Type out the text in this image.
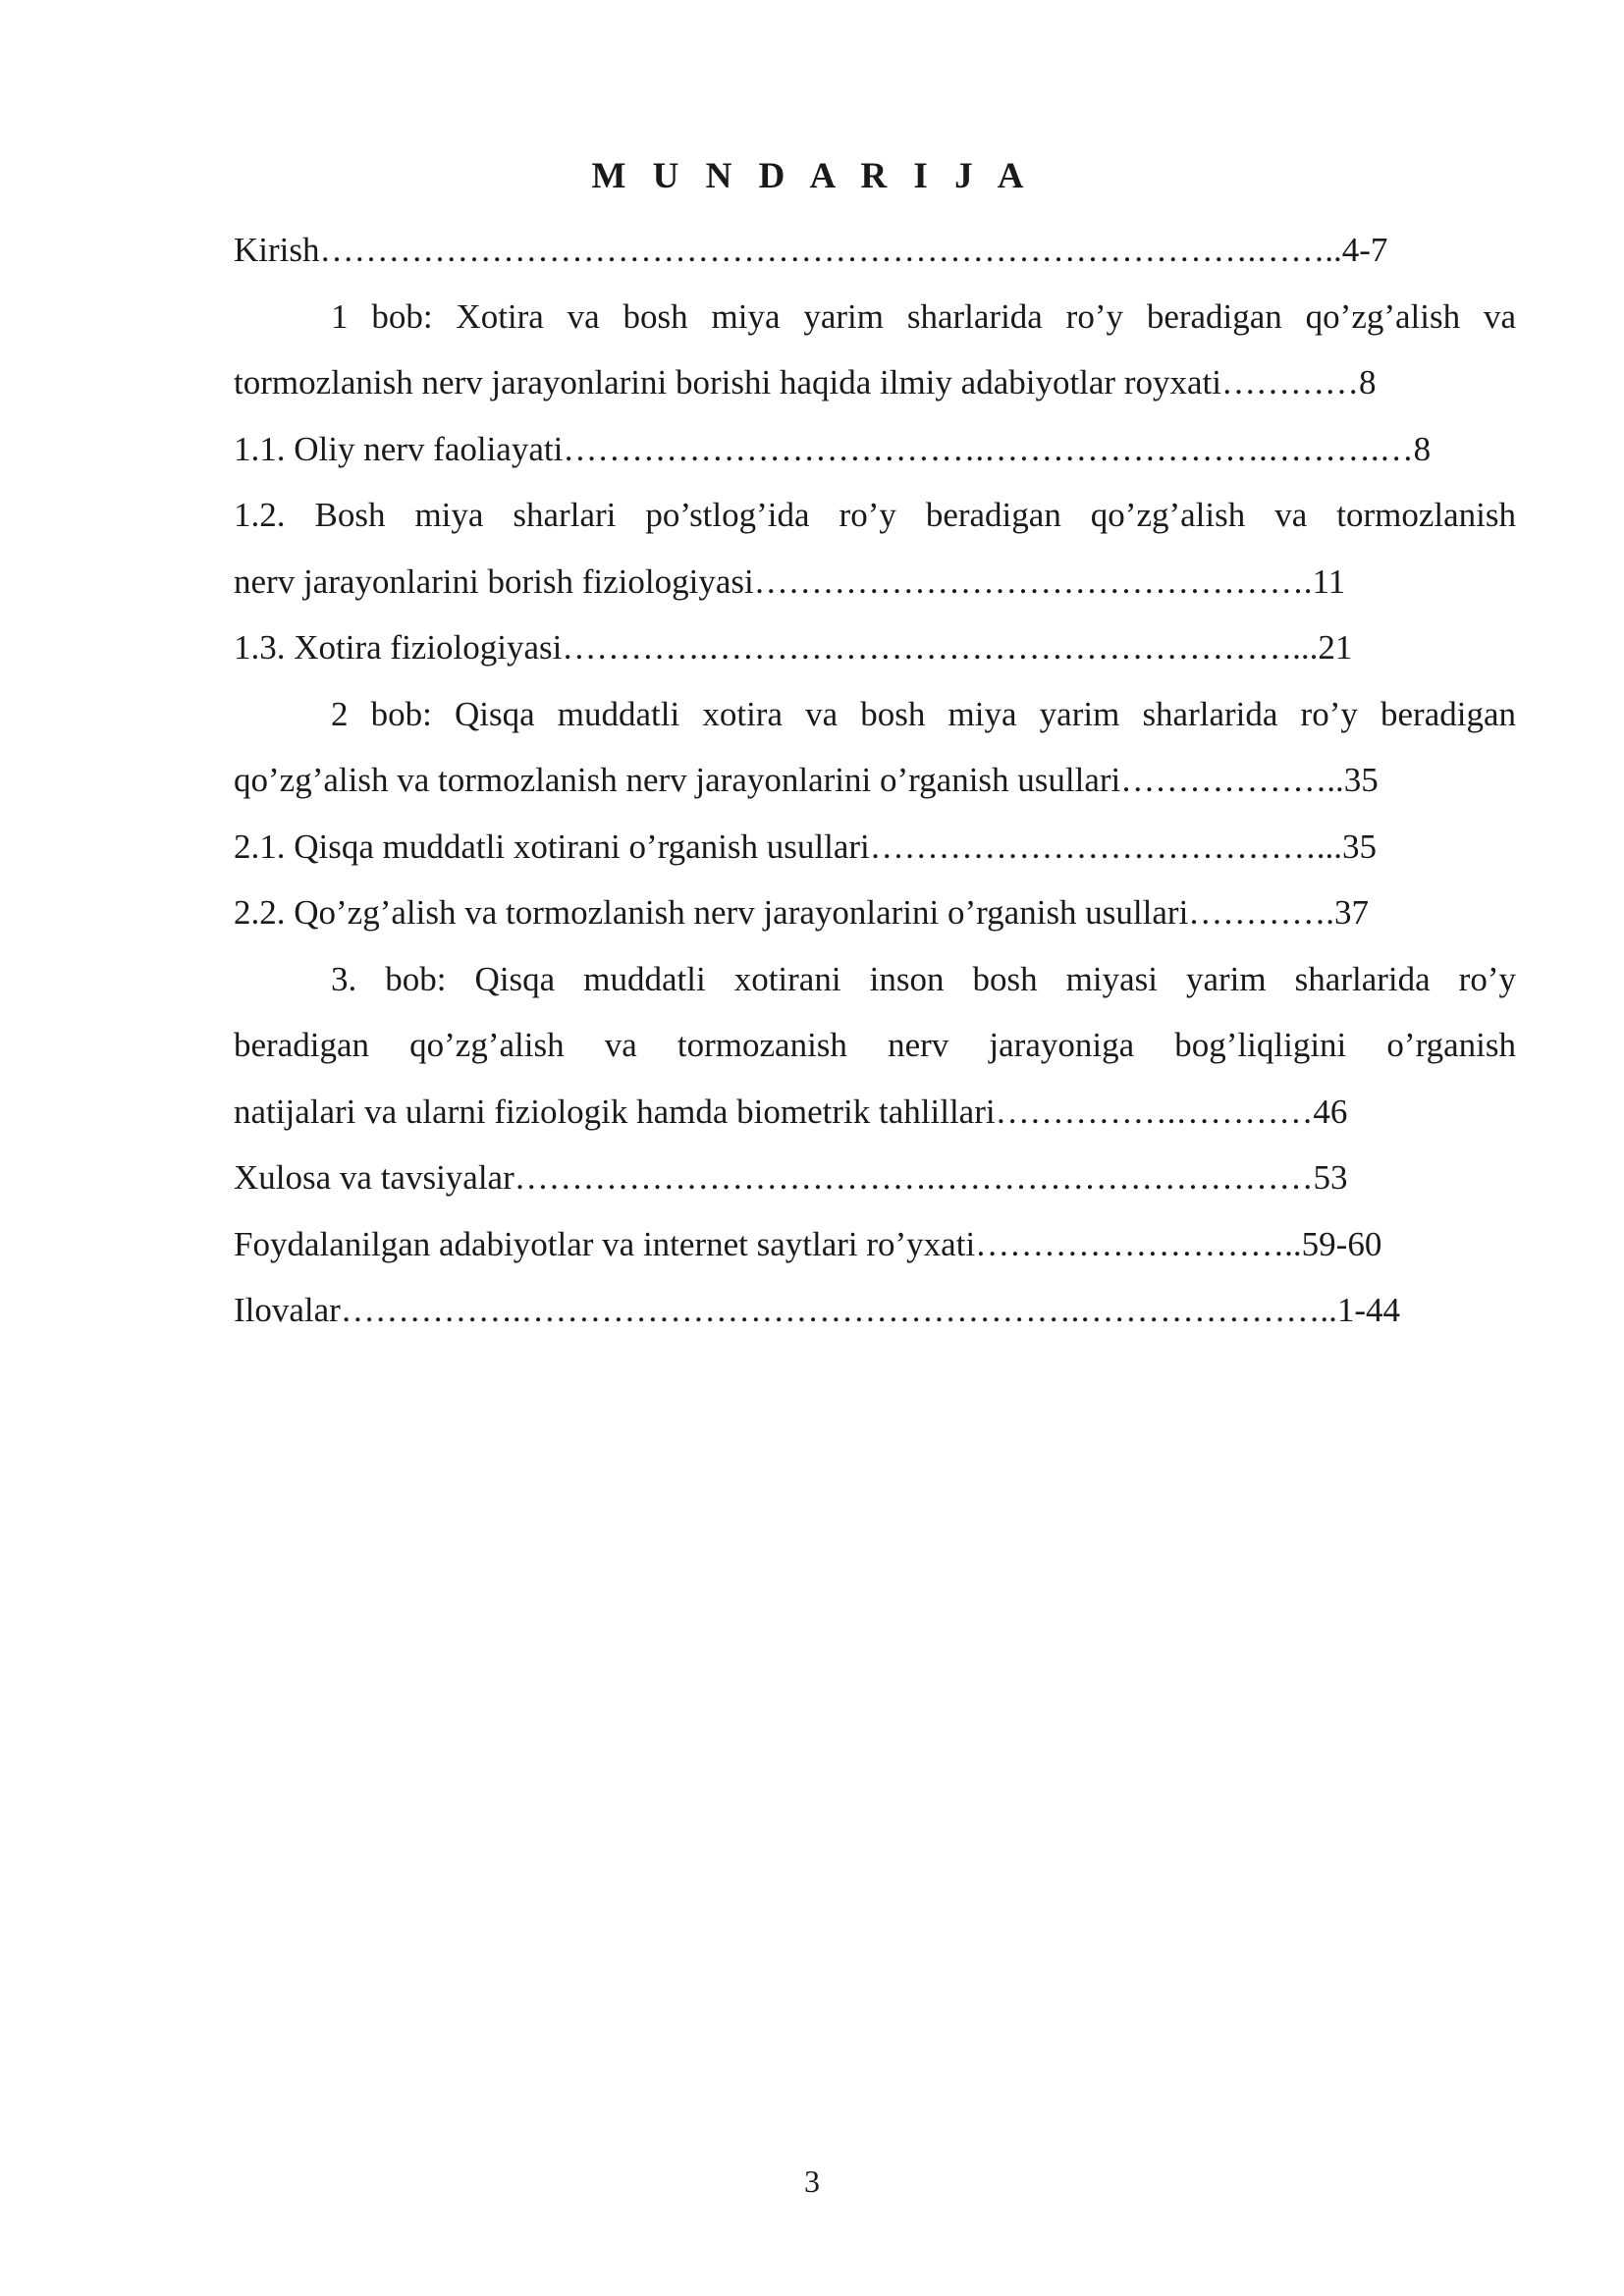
M U N D A R I J A
Kirish……………………………………………………………………….……..4-7
1 bob: Xotira va bosh miya yarim sharlarida ro’y beradigan qo’zg’alish va
tormozlanish nerv jarayonlarini borishi haqida ilmiy adabiyotlar royxati…………8
1.1. Oliy nerv faoliayati……………………………….…………………….……….…8
1.2. Bosh miya sharlari po’stlog’ida ro’y beradigan qo’zg’alish va tormozlanish
nerv jarayonlarini borish fiziologiyasi………………………………………….11
1.3. Xotira fiziologiyasi………….……………………………………………...21
2 bob: Qisqa muddatli xotira va bosh miya yarim sharlarida ro’y beradigan
qo’zg’alish va tormozlanish nerv jarayonlarini o’rganish usullari………………..35
2.1. Qisqa muddatli xotirani o’rganish usullari…………………………………...35
2.2. Qo’zg’alish va tormozlanish nerv jarayonlarini o’rganish usullari………….37
3. bob: Qisqa muddatli xotirani inson bosh miyasi yarim sharlarida ro’y
beradigan qo’zg’alish va tormozanish nerv jarayoniga bog’liqligini o’rganish
natijalari va ularni fiziologik hamda biometrik tahlillari…………….…………46
Xulosa va tavsiyalar……………………………….……………………………53
Foydalanilgan adabiyotlar va internet saytlari ro’yxati………………………..59-60
Ilovalar…………….………………………………………….…………………..1-44
3
